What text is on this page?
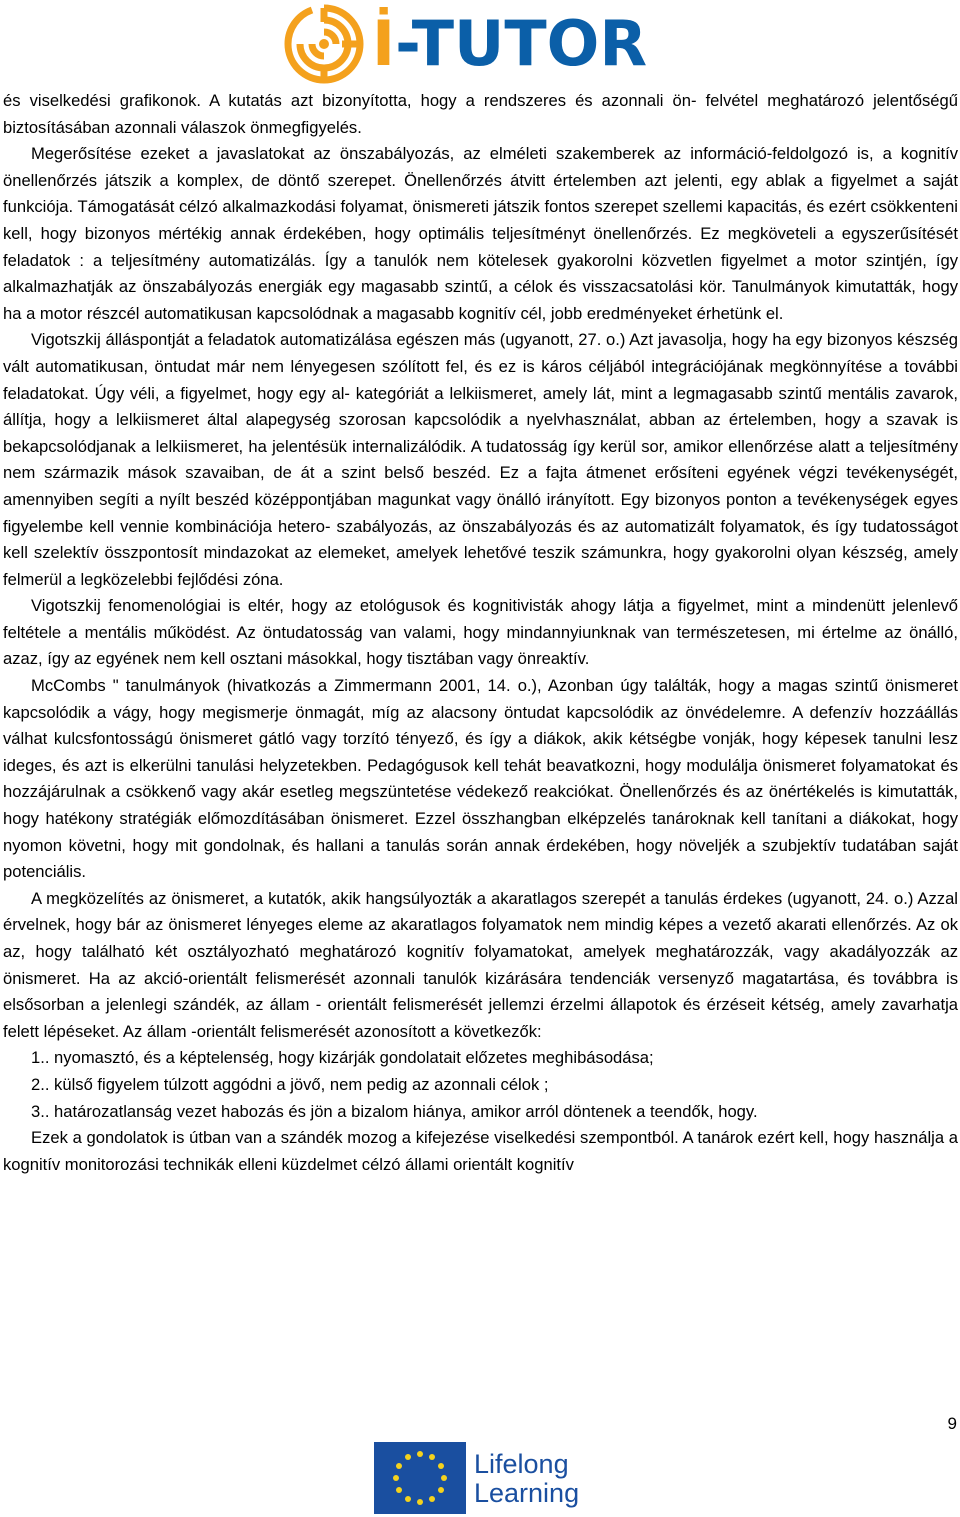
İ-TUTOR

és viselkedési grafikonok. A kutatás azt bizonyította, hogy a rendszeres és azonnali ön- felvétel meghatározó jelentőségű biztosításában azonnali válaszok önmegfigyelés.

Megerősítése ezeket a javaslatokat az önszabályozás, az elméleti szakemberek az információ-feldolgozó is, a kognitív önellenőrzés játszik a komplex, de döntő szerepet. Önellenőrzés átvitt értelemben azt jelenti, egy ablak a figyelmet a saját funkciója. Támogatását célzó alkalmazkodási folyamat, önismereti játszik fontos szerepet szellemi kapacitás, és ezért csökkenteni kell, hogy bizonyos mértékig annak érdekében, hogy optimális teljesítményt önellenőrzés. Ez megköveteli a egyszerűsítését feladatok : a teljesítmény automatizálás. Így a tanulók nem kötelesek gyakorolni közvetlen figyelmet a motor szintjén, így alkalmazhatják az önszabályozás energiák egy magasabb szintű, a célok és visszacsatolási kör. Tanulmányok kimutatták, hogy ha a motor részcél automatikusan kapcsolódnak a magasabb kognitív cél, jobb eredményeket érhetünk el.

Vigotszkij álláspontját a feladatok automatizálása egészen más (ugyanott, 27. o.) Azt javasolja, hogy ha egy bizonyos készség vált automatikusan, öntudat már nem lényegesen szólított fel, és ez is káros céljából integrációjának megkönnyítése a további feladatokat. Úgy véli, a figyelmet, hogy egy al- kategóriát a lelkiismeret, amely lát, mint a legmagasabb szintű mentális zavarok, állítja, hogy a lelkiismeret által alapegység szorosan kapcsolódik a nyelvhasználat, abban az értelemben, hogy a szavak is bekapcsolódjanak a lelkiismeret, ha jelentésük internalizálódik. A tudatosság így kerül sor, amikor ellenőrzése alatt a teljesítmény nem származik mások szavaiban, de át a szint belső beszéd. Ez a fajta átmenet erősíteni egyének végzi tevékenységét, amennyiben segíti a nyílt beszéd középpontjában magunkat vagy önálló irányított. Egy bizonyos ponton a tevékenységek egyes figyelembe kell vennie kombinációja hetero- szabályozás, az önszabályozás és az automatizált folyamatok, és így tudatosságot kell szelektív összpontosít mindazokat az elemeket, amelyek lehetővé teszik számunkra, hogy gyakorolni olyan készség, amely felmerül a legközelebbi fejlődési zóna.

Vigotszkij fenomenológiai is eltér, hogy az etológusok és kognitivisták ahogy látja a figyelmet, mint a mindenütt jelenlevő feltétele a mentális működést. Az öntudatosság van valami, hogy mindannyiunknak van természetesen, mi értelme az önálló, azaz, így az egyének nem kell osztani másokkal, hogy tisztában vagy önreaktív.

McCombs " tanulmányok (hivatkozás a Zimmermann 2001, 14. o.), Azonban úgy találták, hogy a magas szintű önismeret kapcsolódik a vágy, hogy megismerje önmagát, míg az alacsony öntudat kapcsolódik az önvédelemre. A defenzív hozzáállás válhat kulcsfontosságú önismeret gátló vagy torzító tényező, és így a diákok, akik kétségbe vonják, hogy képesek tanulni lesz ideges, és azt is elkerülni tanulási helyzetekben. Pedagógusok kell tehát beavatkozni, hogy modulálja önismeret folyamatokat és hozzájárulnak a csökkenő vagy akár esetleg megszüntetése védekező reakciókat. Önellenőrzés és az önértékelés is kimutatták, hogy hatékony stratégiák előmozdításában önismeret. Ezzel összhangban elképzelés tanároknak kell tanítani a diákokat, hogy nyomon követni, hogy mit gondolnak, és hallani a tanulás során annak érdekében, hogy növeljék a szubjektív tudatában saját potenciális.

A megközelítés az önismeret, a kutatók, akik hangsúlyozták a akaratlagos szerepét a tanulás érdekes (ugyanott, 24. o.) Azzal érvelnek, hogy bár az önismeret lényeges eleme az akaratlagos folyamatok nem mindig képes a vezető akarati ellenőrzés. Az ok az, hogy található két osztályozható meghatározó kognitív folyamatokat, amelyek meghatározzák, vagy akadályozzák az önismeret. Ha az akció-orientált felismerését azonnali tanulók kizárására tendenciák versenyző magatartása, és továbbra is elsősorban a jelenlegi szándék, az állam - orientált felismerését jellemzi érzelmi állapotok és érzéseit kétség, amely zavarhatja felett lépéseket. Az állam -orientált felismerését azonosított a következők:

1.. nyomasztó, és a képtelenség, hogy kizárják gondolatait előzetes meghibásodása;

2.. külső figyelem túlzott aggódni a jövő, nem pedig az azonnali célok ;

3.. határozatlanság vezet habozás és jön a bizalom hiánya, amikor arról döntenek a teendők, hogy.

Ezek a gondolatok is útban van a szándék mozog a kifejezése viselkedési szempontból. A tanárok ezért kell, hogy használja a kognitív monitorozási technikák elleni küzdelmet célzó állami orientált kognitív

9
Lifelong
Learning
